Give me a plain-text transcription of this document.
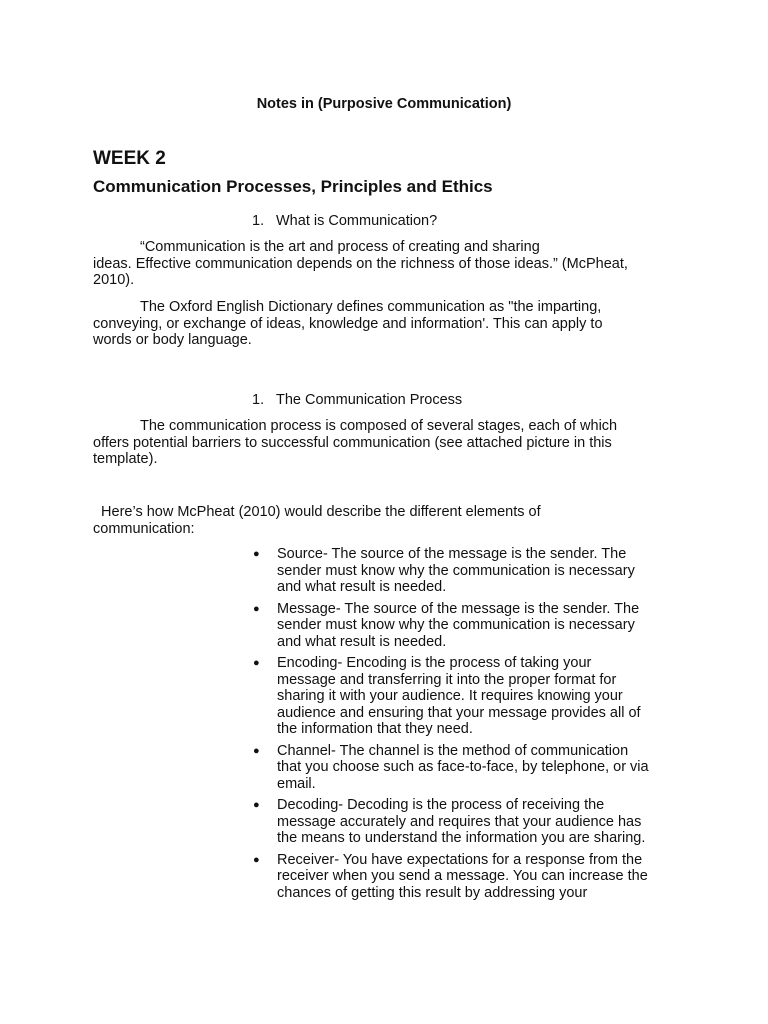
Notes in (Purposive Communication)
WEEK 2
Communication Processes, Principles and Ethics
1. What is Communication?
“Communication is the art and process of creating and sharing
ideas. Effective communication depends on the richness of those ideas.” (McPheat,
2010).
The Oxford English Dictionary defines communication as "the imparting,
conveying, or exchange of ideas, knowledge and information'. This can apply to
words or body language.
1. The Communication Process
The communication process is composed of several stages, each of which
offers potential barriers to successful communication (see attached picture in this
template).
Here’s how McPheat (2010) would describe the different elements of
communication:
● Source- The source of the message is the sender. The
sender must know why the communication is necessary
and what result is needed.
● Message- The source of the message is the sender. The
sender must know why the communication is necessary
and what result is needed.
● Encoding- Encoding is the process of taking your
message and transferring it into the proper format for
sharing it with your audience. It requires knowing your
audience and ensuring that your message provides all of
the information that they need.
● Channel- The channel is the method of communication
that you choose such as face-to-face, by telephone, or via
email.
● Decoding- Decoding is the process of receiving the
message accurately and requires that your audience has
the means to understand the information you are sharing.
● Receiver- You have expectations for a response from the
receiver when you send a message. You can increase the
chances of getting this result by addressing your
